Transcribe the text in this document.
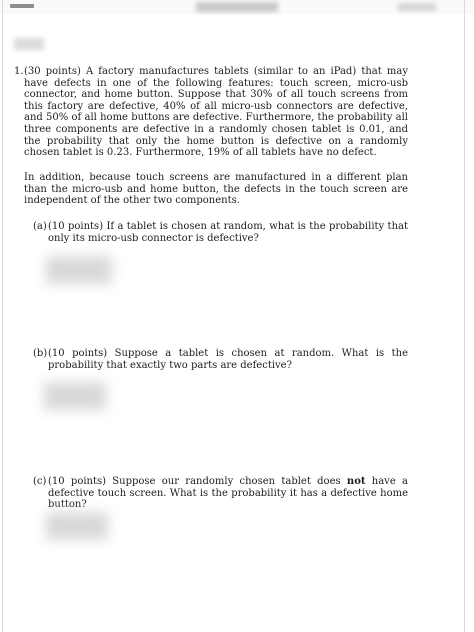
1. (30 points) A factory manufactures tablets (similar to an iPad) that may have defects in one of the following features: touch screen, micro-usb connector, and home button. Suppose that 30% of all touch screens from this factory are defective, 40% of all micro-usb connectors are defective, and 50% of all home buttons are defective. Furthermore, the probability all three components are defective in a randomly chosen tablet is 0.01, and the probability that only the home button is defective on a randomly chosen tablet is 0.23. Furthermore, 19% of all tablets have no defect.

In addition, because touch screens are manufactured in a different plan than the micro-usb and home button, the defects in the touch screen are independent of the other two components.

(a) (10 points) If a tablet is chosen at random, what is the probability that only its micro-usb connector is defective?

(b) (10 points) Suppose a tablet is chosen at random. What is the probability that exactly two parts are defective?

(c) (10 points) Suppose our randomly chosen tablet does not have a defective touch screen. What is the probability it has a defective home button?
